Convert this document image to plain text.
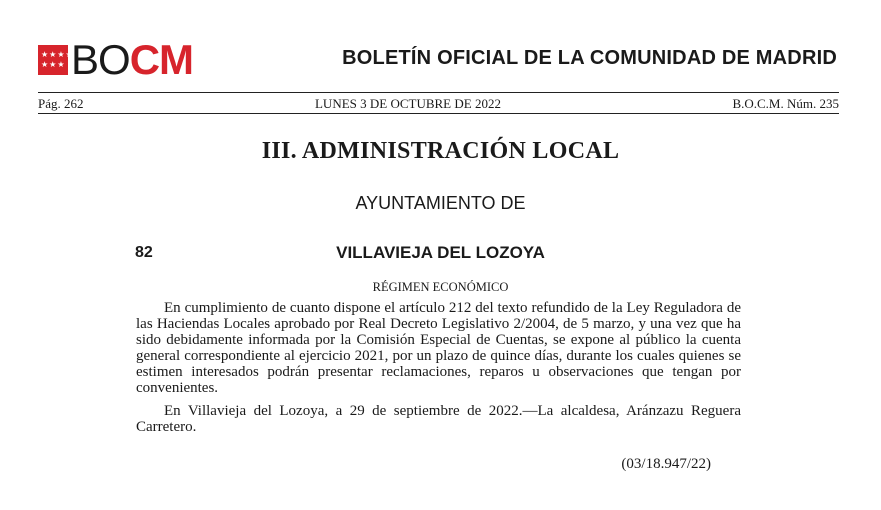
★ ★ ★ ★
★ ★ ★ BOCM	BOLETÍN OFICIAL DE LA COMUNIDAD DE MADRID
Pág. 262	LUNES 3 DE OCTUBRE DE 2022	B.O.C.M. Núm. 235
III. ADMINISTRACIÓN LOCAL
AYUNTAMIENTO DE
82	VILLAVIEJA DEL LOZOYA
RÉGIMEN ECONÓMICO

En cumplimiento de cuanto dispone el artículo 212 del texto refundido de la Ley Reguladora de las Haciendas Locales aprobado por Real Decreto Legislativo 2/2004, de 5 marzo, y una vez que ha sido debidamente informada por la Comisión Especial de Cuentas, se expone al público la cuenta general correspondiente al ejercicio 2021, por un plazo de quince días, durante los cuales quienes se estimen interesados podrán presentar reclamaciones, reparos u observaciones que tengan por convenientes.

En Villavieja del Lozoya, a 29 de septiembre de 2022.—La alcaldesa, Aránzazu Reguera Carretero.

(03/18.947/22)
